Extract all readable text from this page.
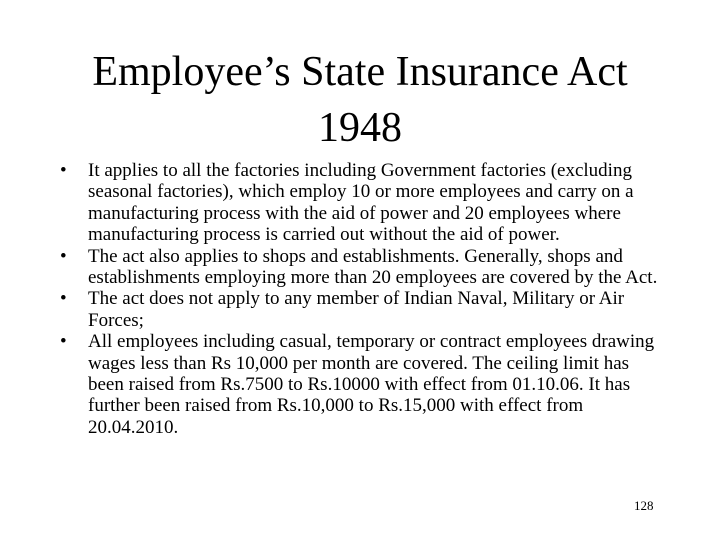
Employee’s State Insurance Act
1948
• It applies to all the factories including Government factories (excluding seasonal factories), which employ 10 or more employees and carry on a manufacturing process with the aid of power and 20 employees where manufacturing process is carried out without the aid of power.
• The act also applies to shops and establishments. Generally, shops and establishments employing more than 20 employees are covered by the Act.
• The act does not apply to any member of Indian Naval, Military or Air Forces;
• All employees including casual, temporary or contract employees drawing wages less than Rs 10,000 per month are covered. The ceiling limit has been raised from Rs.7500 to Rs.10000 with effect from 01.10.06. It has further been raised from Rs.10,000 to Rs.15,000 with effect from 20.04.2010.
128
